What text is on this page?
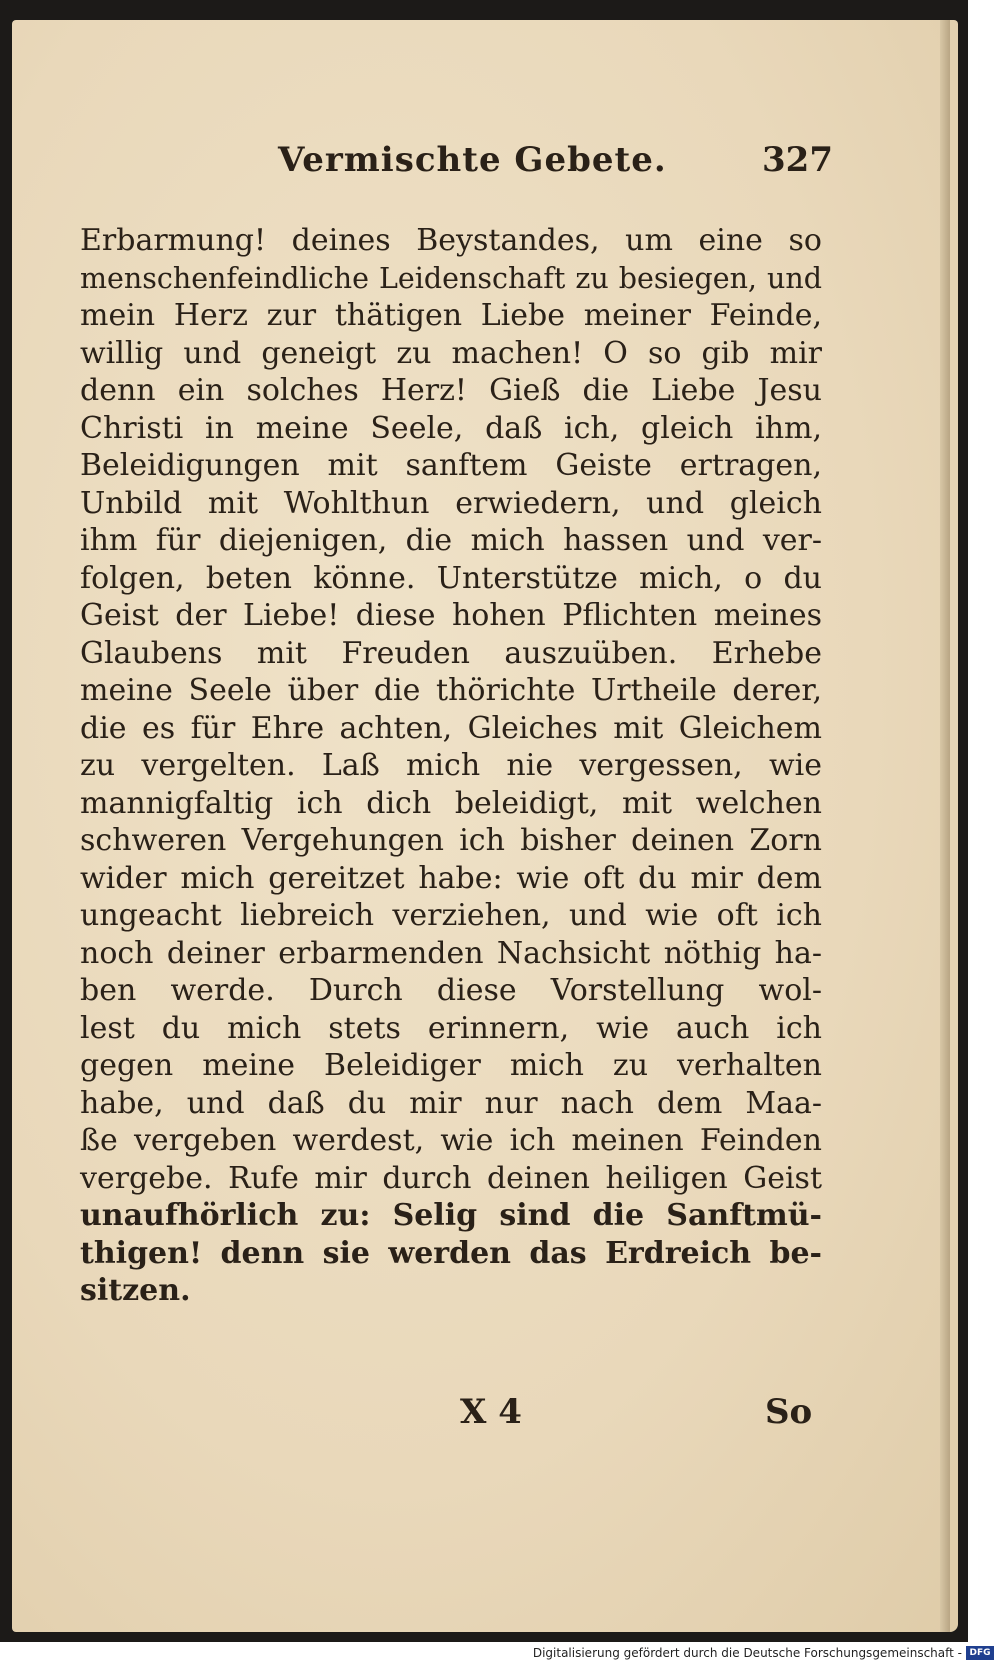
Vermischte Gebete.	327
Erbarmung! deines Beystandes, um eine so
menschenfeindliche Leidenschaft zu besiegen, und
mein Herz zur thätigen Liebe meiner Feinde,
willig und geneigt zu machen! O so gib mir
denn ein solches Herz! Gieß die Liebe Jesu
Christi in meine Seele, daß ich, gleich ihm,
Beleidigungen mit sanftem Geiste ertragen,
Unbild mit Wohlthun erwiedern, und gleich
ihm für diejenigen, die mich hassen und ver-
folgen, beten könne. Unterstütze mich, o du
Geist der Liebe! diese hohen Pflichten meines
Glaubens mit Freuden auszuüben. Erhebe
meine Seele über die thörichte Urtheile derer,
die es für Ehre achten, Gleiches mit Gleichem
zu vergelten. Laß mich nie vergessen, wie
mannigfaltig ich dich beleidigt, mit welchen
schweren Vergehungen ich bisher deinen Zorn
wider mich gereitzet habe: wie oft du mir dem
ungeacht liebreich verziehen, und wie oft ich
noch deiner erbarmenden Nachsicht nöthig ha-
ben werde. Durch diese Vorstellung wol-
lest du mich stets erinnern, wie auch ich
gegen meine Beleidiger mich zu verhalten
habe, und daß du mir nur nach dem Maa-
ße vergeben werdest, wie ich meinen Feinden
vergebe. Rufe mir durch deinen heiligen Geist
unaufhörlich zu: Selig sind die Sanftmü-
thigen! denn sie werden das Erdreich be-
sitzen.
X 4	So
Digitalisierung gefördert durch die Deutsche Forschungsgemeinschaft - DFG
